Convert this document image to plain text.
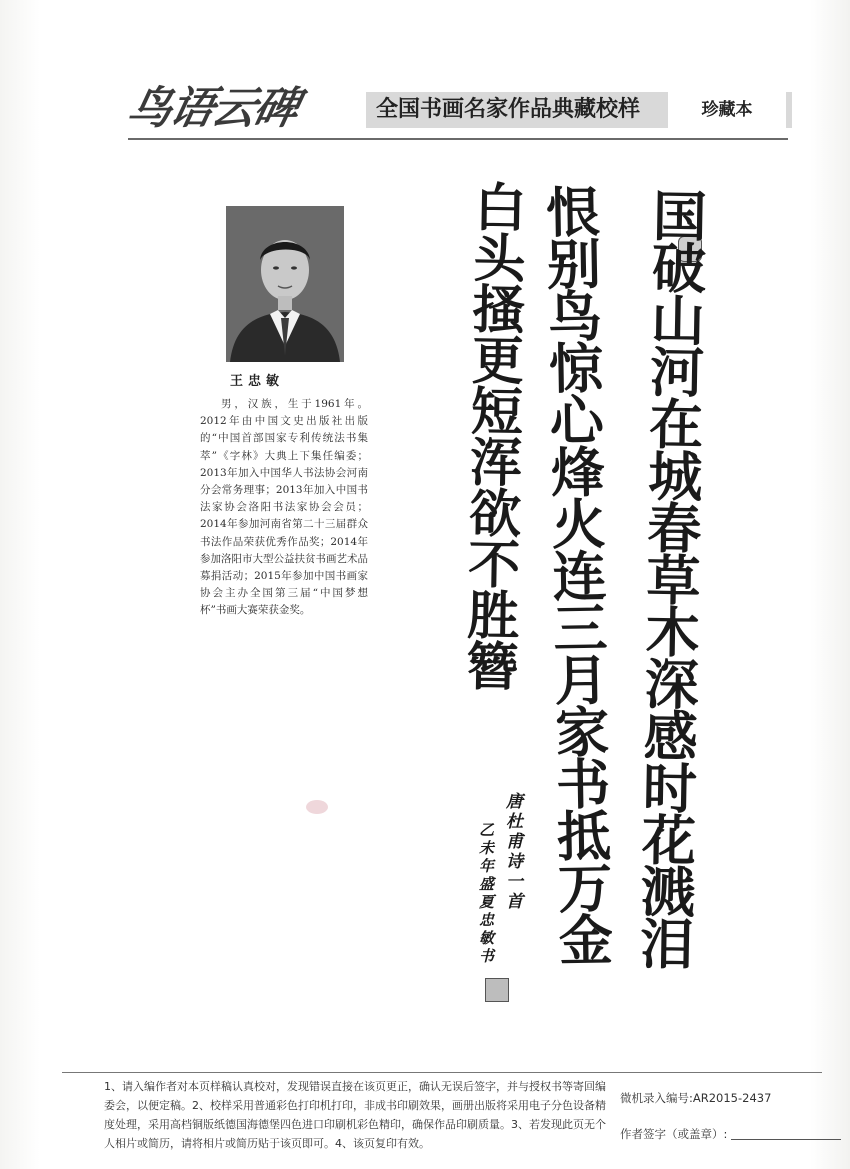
鸟语云碑	全国书画名家作品典藏校样	珍藏本
王忠敏
男，汉族，生于1961年。2012年由中国文史出版社出版的“中国首部国家专利传统法书集萃”《字林》大典上下集任编委；2013年加入中国华人书法协会河南分会常务理事；2013年加入中国书法家协会洛阳书法家协会会员；2014年参加河南省第二十三届群众书法作品荣获优秀作品奖；2014年参加洛阳市大型公益扶贫书画艺术品募捐活动；2015年参加中国书画家协会主办全国第三届“中国梦想杯”书画大赛荣获金奖。	国破山河在城春草木深感时花溅泪
恨别鸟惊心烽火连三月家书抵万金
白头搔更短浑欲不胜簪
唐杜甫诗一首
乙未年盛夏忠敏书
1、请入编作者对本页样稿认真校对，发现错误直接在该页更正，确认无误后签字，并与授权书等寄回编委会，以便定稿。2、校样采用普通彩色打印机打印，非成书印刷效果，画册出版将采用电子分色设备精度处理，采用高档铜版纸德国海德堡四色进口印刷机彩色精印，确保作品印刷质量。3、若发现此页无个人相片或简历，请将相片或简历贴于该页即可。4、该页复印有效。
微机录入编号:AR2015-2437
作者签字（或盖章）:
